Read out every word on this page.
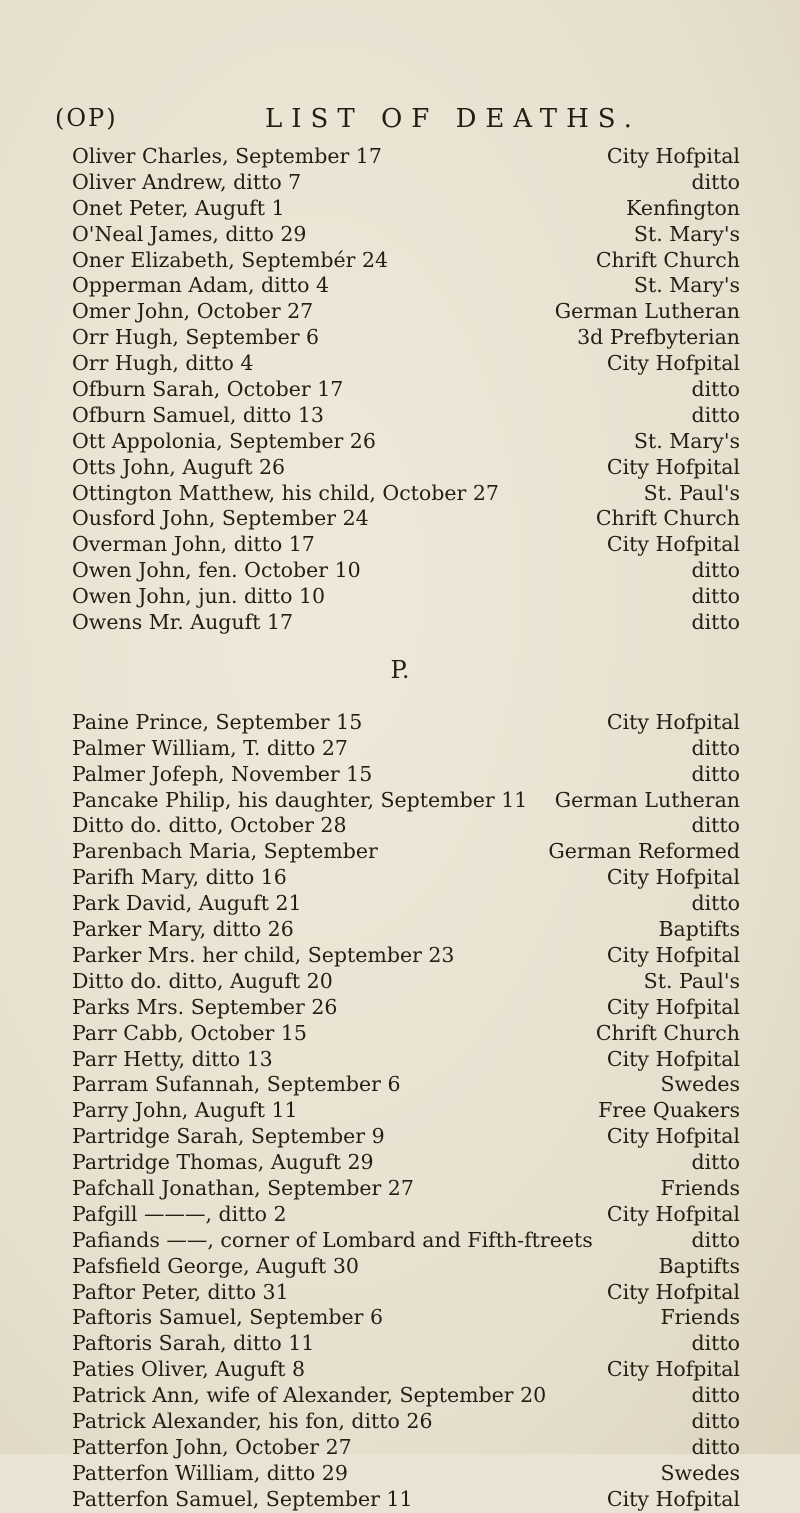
(OP)	LIST OF DEATHS.
Oliver Charles, September 17	City Hofpital
Oliver Andrew, ditto 7	ditto
Onet Peter, Auguft 1	Kenfington
O'Neal James, ditto 29	St. Mary's
Oner Elizabeth, Septembér 24	Chrift Church
Opperman Adam, ditto 4	St. Mary's
Omer John, October 27	German Lutheran
Orr Hugh, September 6	3d Prefbyterian
Orr Hugh, ditto 4	City Hofpital
Ofburn Sarah, October 17	ditto
Ofburn Samuel, ditto 13	ditto
Ott Appolonia, September 26	St. Mary's
Otts John, Auguft 26	City Hofpital
Ottington Matthew, his child, October 27	St. Paul's
Ousford John, September 24	Chrift Church
Overman John, ditto 17	City Hofpital
Owen John, fen. October 10	ditto
Owen John, jun. ditto 10	ditto
Owens Mr. Auguft 17	ditto
P.
Paine Prince, September 15	City Hofpital
Palmer William, T. ditto 27	ditto
Palmer Jofeph, November 15	ditto
Pancake Philip, his daughter, September 11 German Lutheran
Ditto do. ditto, October 28	ditto
Parenbach Maria, September	German Reformed
Parifh Mary, ditto 16	City Hofpital
Park David, Auguft 21	ditto
Parker Mary, ditto 26	Baptifts
Parker Mrs. her child, September 23	City Hofpital
Ditto do. ditto, Auguft 20	St. Paul's
Parks Mrs. September 26	City Hofpital
Parr Cabb, October 15	Chrift Church
Parr Hetty, ditto 13	City Hofpital
Parram Sufannah, September 6	Swedes
Parry John, Auguft 11	Free Quakers
Partridge Sarah, September 9	City Hofpital
Partridge Thomas, Auguft 29	ditto
Pafchall Jonathan, September 27	Friends
Pafgill ———, ditto 2	City Hofpital
Pafiands ——, corner of Lombard and Fifth-ftreets	ditto
Pafsfield George, Auguft 30	Baptifts
Paftor Peter, ditto 31	City Hofpital
Paftoris Samuel, September 6	Friends
Paftoris Sarah, ditto 11	ditto
Paties Oliver, Auguft 8	City Hofpital
Patrick Ann, wife of Alexander, September 20	ditto
Patrick Alexander, his fon, ditto 26	ditto
Patterfon John, October 27	ditto
Patterfon William, ditto 29	Swedes
Patterfon Samuel, September 11	City Hofpital
